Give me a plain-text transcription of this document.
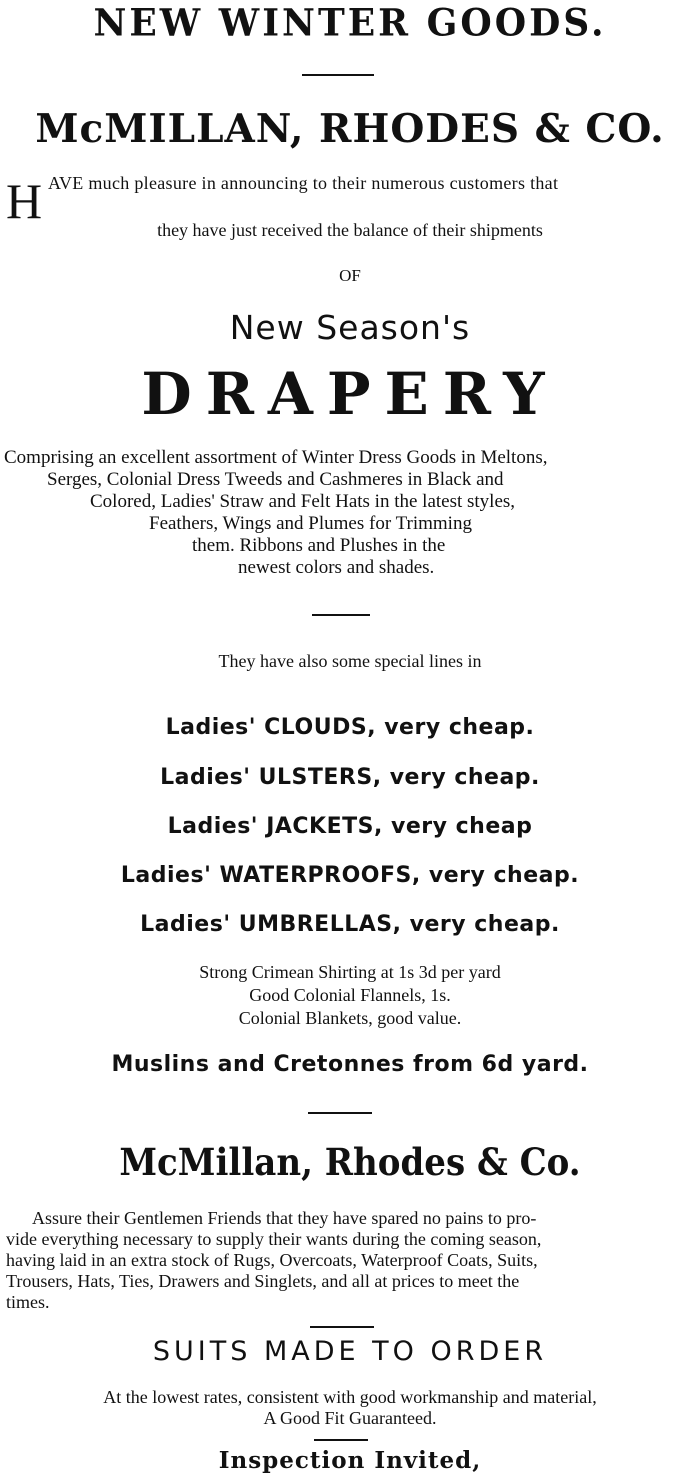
NEW WINTER GOODS.
McMILLAN, RHODES & CO.
H AVE much pleasure in announcing to their numerous customers that
they have just received the balance of their shipments
OF
New Season's
DRAPERY
Comprising an excellent assortment of Winter Dress Goods in Meltons,
Serges, Colonial Dress Tweeds and Cashmeres in Black and
Colored, Ladies' Straw and Felt Hats in the latest styles,
Feathers, Wings and Plumes for Trimming
them. Ribbons and Plushes in the
newest colors and shades.
They have also some special lines in
Ladies' CLOUDS, very cheap.
Ladies' ULSTERS, very cheap.
Ladies' JACKETS, very cheap
Ladies' WATERPROOFS, very cheap.
Ladies' UMBRELLAS, very cheap.
Strong Crimean Shirting at 1s 3d per yard
Good Colonial Flannels, 1s.
Colonial Blankets, good value.
Muslins and Cretonnes from 6d yard.
McMillan, Rhodes & Co.
Assure their Gentlemen Friends that they have spared no pains to pro-
vide everything necessary to supply their wants during the coming season,
having laid in an extra stock of Rugs, Overcoats, Waterproof Coats, Suits,
Trousers, Hats, Ties, Drawers and Singlets, and all at prices to meet the
times.
SUITS MADE TO ORDER
At the lowest rates, consistent with good workmanship and material,
A Good Fit Guaranteed.
Inspection Invited,
